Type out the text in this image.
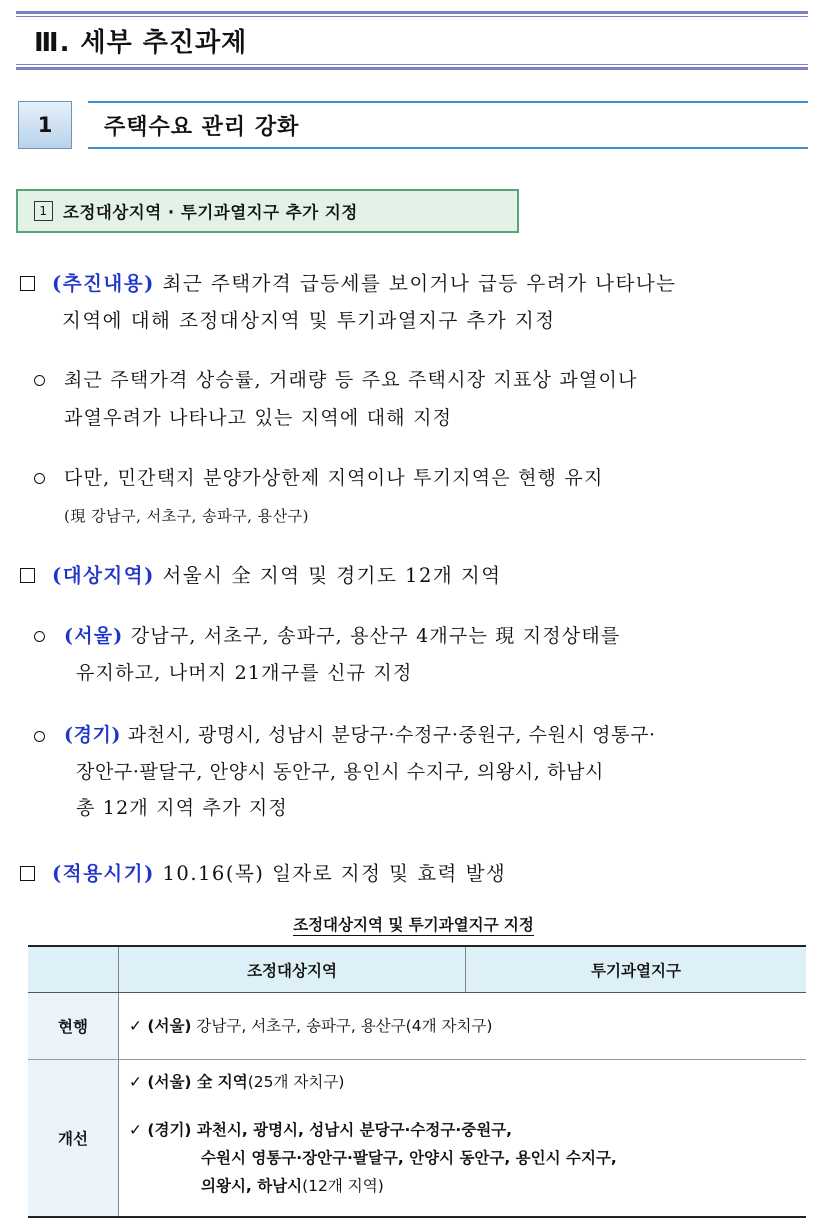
Ⅲ. 세부 추진과제
1 주택수요 관리 강화
1 조정대상지역 · 투기과열지구 추가 지정
(추진내용) 최근 주택가격 급등세를 보이거나 급등 우려가 나타나는
지역에 대해 조정대상지역 및 투기과열지구 추가 지정
최근 주택가격 상승률, 거래량 등 주요 주택시장 지표상 과열이나
과열우려가 나타나고 있는 지역에 대해 지정
다만, 민간택지 분양가상한제 지역이나 투기지역은 현행 유지
(現 강남구, 서초구, 송파구, 용산구)
(대상지역) 서울시 全 지역 및 경기도 12개 지역
(서울) 강남구, 서초구, 송파구, 용산구 4개구는 現 지정상태를
유지하고, 나머지 21개구를 신규 지정
(경기) 과천시, 광명시, 성남시 분당구·수정구·중원구, 수원시 영통구·
장안구·팔달구, 안양시 동안구, 용인시 수지구, 의왕시, 하남시
총 12개 지역 추가 지정
(적용시기) 10.16(목) 일자로 지정 및 효력 발생
조정대상지역 및 투기과열지구 지정
	조정대상지역	투기과열지구
현행	✓ (서울) 강남구, 서초구, 송파구, 용산구(4개 자치구)	

개선	✓ (서울) 全 지역(25개 자치구)
✓ (경기) 과천시, 광명시, 성남시 분당구·수정구·중원구,
수원시 영통구·장안구·팔달구, 안양시 동안구, 용인시 수지구,
의왕시, 하남시(12개 지역)	
